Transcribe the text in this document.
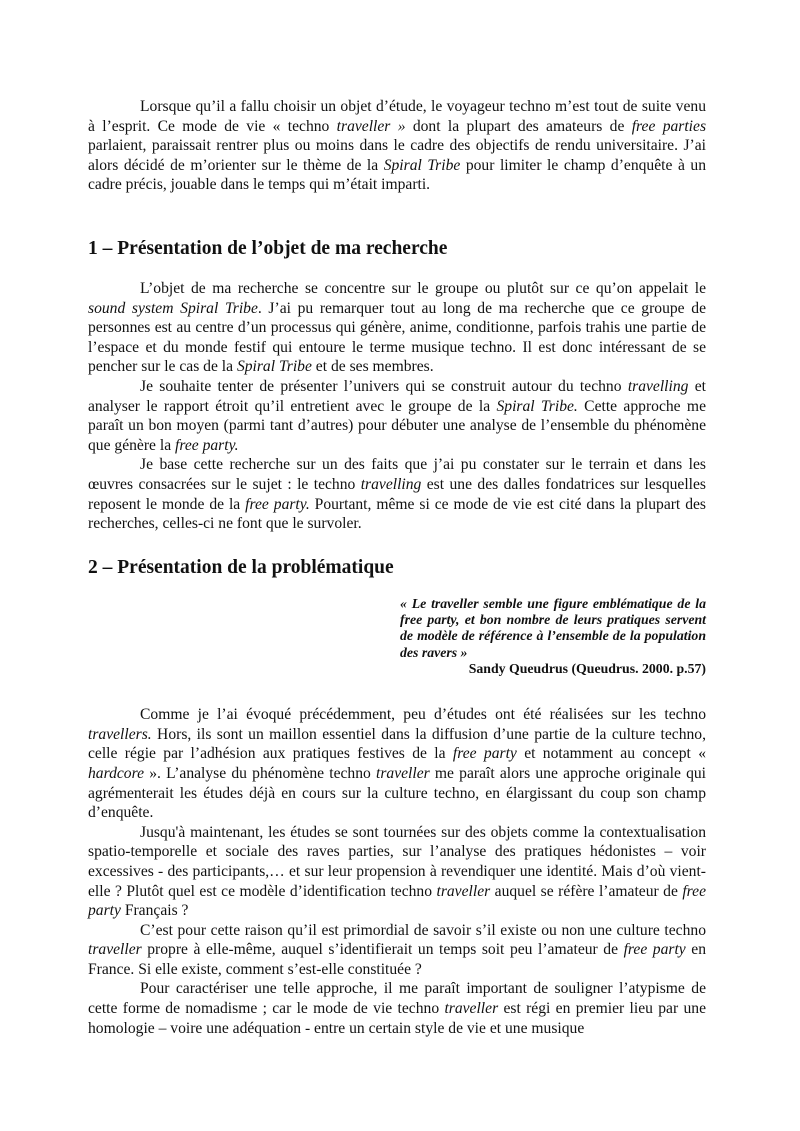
Lorsque qu’il a fallu choisir un objet d’étude, le voyageur techno m’est tout de suite venu à l’esprit. Ce mode de vie « techno traveller » dont la plupart des amateurs de free parties parlaient, paraissait rentrer plus ou moins dans le cadre des objectifs de rendu universitaire. J’ai alors décidé de m’orienter sur le thème de la Spiral Tribe pour limiter le champ d’enquête à un cadre précis, jouable dans le temps qui m’était imparti.

1 – Présentation de l’objet de ma recherche

L’objet de ma recherche se concentre sur le groupe ou plutôt sur ce qu’on appelait le sound system Spiral Tribe. J’ai pu remarquer tout au long de ma recherche que ce groupe de personnes est au centre d’un processus qui génère, anime, conditionne, parfois trahis une partie de l’espace et du monde festif qui entoure le terme musique techno. Il est donc intéressant de se pencher sur le cas de la Spiral Tribe et de ses membres.

Je souhaite tenter de présenter l’univers qui se construit autour du techno travelling et analyser le rapport étroit qu’il entretient avec le groupe de la Spiral Tribe. Cette approche me paraît un bon moyen (parmi tant d’autres) pour débuter une analyse de l’ensemble du phénomène que génère la free party.

Je base cette recherche sur un des faits que j’ai pu constater sur le terrain et dans les œuvres consacrées sur le sujet : le techno travelling est une des dalles fondatrices sur lesquelles reposent le monde de la free party. Pourtant, même si ce mode de vie est cité dans la plupart des recherches, celles-ci ne font que le survoler.

2 – Présentation de la problématique
« Le traveller semble une figure emblématique de la free party, et bon nombre de leurs pratiques servent de modèle de référence à l’ensemble de la population des ravers »
Sandy Queudrus (Queudrus. 2000. p.57)

Comme je l’ai évoqué précédemment, peu d’études ont été réalisées sur les techno travellers. Hors, ils sont un maillon essentiel dans la diffusion d’une partie de la culture techno, celle régie par l’adhésion aux pratiques festives de la free party et notamment au concept « hardcore ». L’analyse du phénomène techno traveller me paraît alors une approche originale qui agrémenterait les études déjà en cours sur la culture techno, en élargissant du coup son champ d’enquête.

Jusqu'à maintenant, les études se sont tournées sur des objets comme la contextualisation spatio-temporelle et sociale des raves parties, sur l’analyse des pratiques hédonistes – voir excessives - des participants,… et sur leur propension à revendiquer une identité. Mais d’où vient-elle ? Plutôt quel est ce modèle d’identification techno traveller auquel se réfère l’amateur de free party Français ?

C’est pour cette raison qu’il est primordial de savoir s’il existe ou non une culture techno traveller propre à elle-même, auquel s’identifierait un temps soit peu l’amateur de free party en France. Si elle existe, comment s’est-elle constituée ?

Pour caractériser une telle approche, il me paraît important de souligner l’atypisme de cette forme de nomadisme ; car le mode de vie techno traveller est régi en premier lieu par une homologie – voire une adéquation - entre un certain style de vie et une musique
